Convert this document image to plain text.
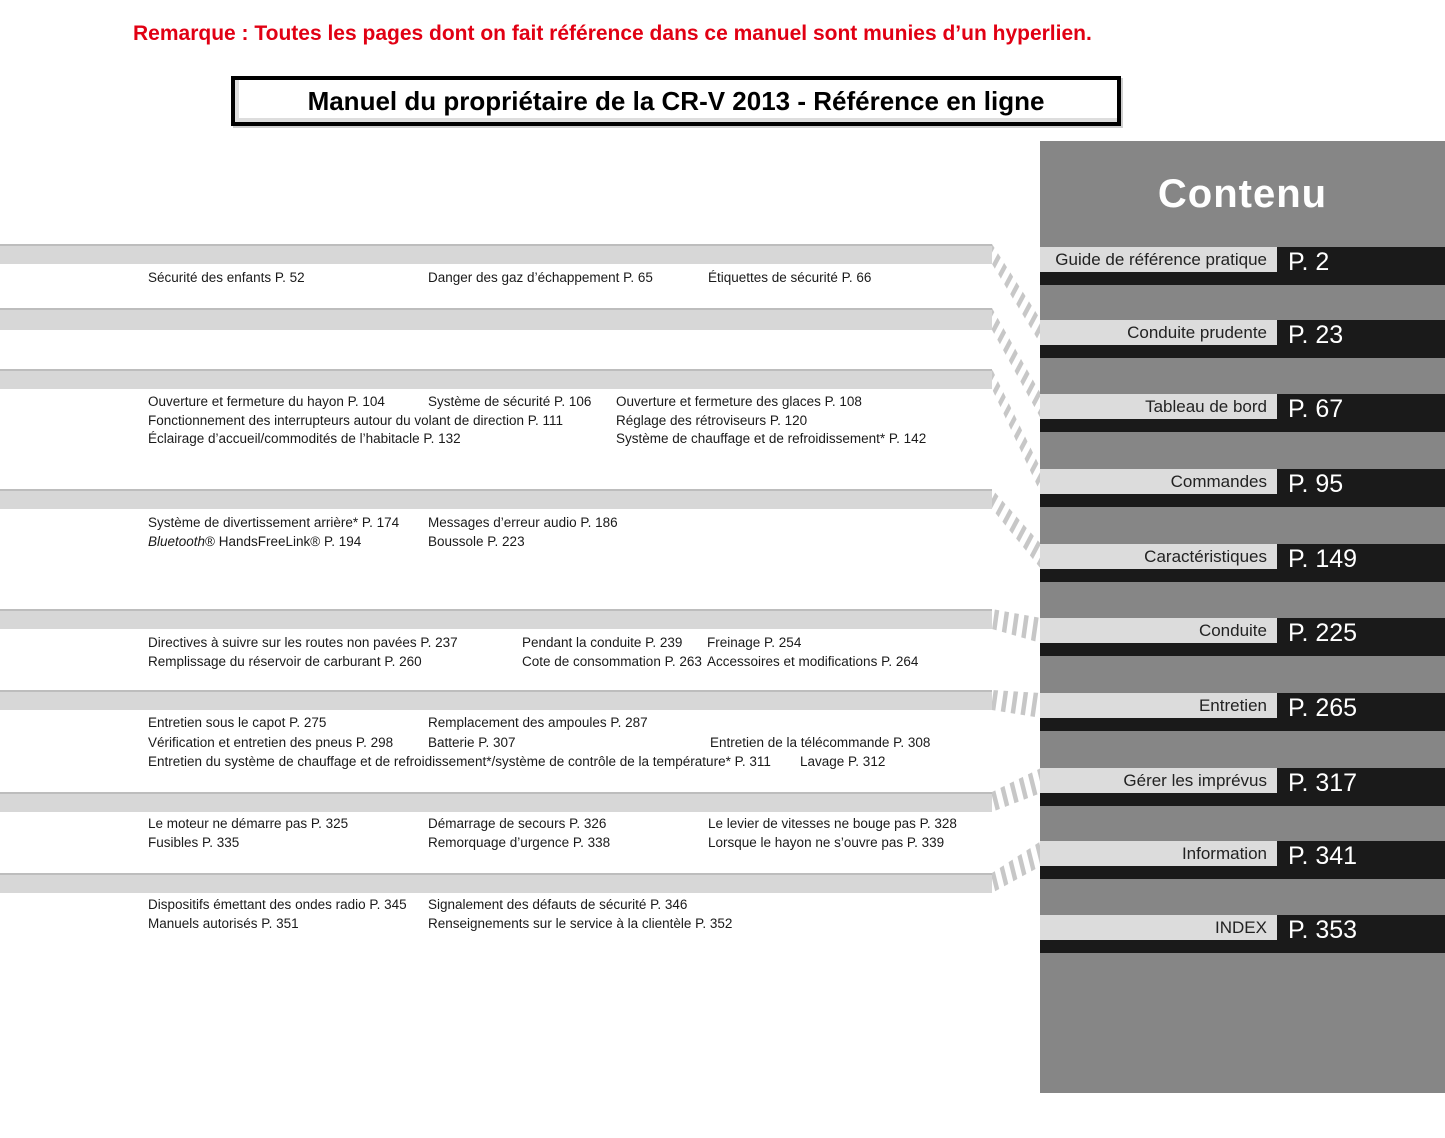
Remarque : Toutes les pages dont on fait référence dans ce manuel sont munies d’un hyperlien.
Manuel du propriétaire de la CR-V 2013 - Référence en ligne
Sécurité des enfants P. 52	Danger des gaz d’échappement P. 65	Étiquettes de sécurité P. 66
Ouverture et fermeture du hayon P. 104	Système de sécurité P. 106 Ouverture et fermeture des glaces P. 108
Fonctionnement des interrupteurs autour du volant de direction P. 111	Réglage des rétroviseurs P. 120
Éclairage d’accueil/commodités de l’habitacle P. 132	Système de chauffage et de refroidissement* P. 142
Système de divertissement arrière* P. 174 Messages d’erreur audio P. 186
Bluetooth® HandsFreeLink® P. 194	Boussole P. 223
Directives à suivre sur les routes non pavées P. 237	Pendant la conduite P. 239 Freinage P. 254
Remplissage du réservoir de carburant P. 260	Cote de consommation P. 263 Accessoires et modifications P. 264
Entretien sous le capot P. 275	Remplacement des ampoules P. 287
Vérification et entretien des pneus P. 298	Batterie P. 307	Entretien de la télécommande P. 308
Entretien du système de chauffage et de refroidissement*/système de contrôle de la température* P. 311 Lavage P. 312
Le moteur ne démarre pas P. 325	Démarrage de secours P. 326	Le levier de vitesses ne bouge pas P. 328
Fusibles P. 335	Remorquage d’urgence P. 338	Lorsque le hayon ne s’ouvre pas P. 339
Dispositifs émettant des ondes radio P. 345 Signalement des défauts de sécurité P. 346
Manuels autorisés P. 351	Renseignements sur le service à la clientèle P. 352
Contenu
Guide de référence pratique P. 2
Conduite prudente P. 23
Tableau de bord P. 67
Commandes P. 95
Caractéristiques P. 149
Conduite P. 225
Entretien P. 265
Gérer les imprévus P. 317
Information P. 341
INDEX P. 353
